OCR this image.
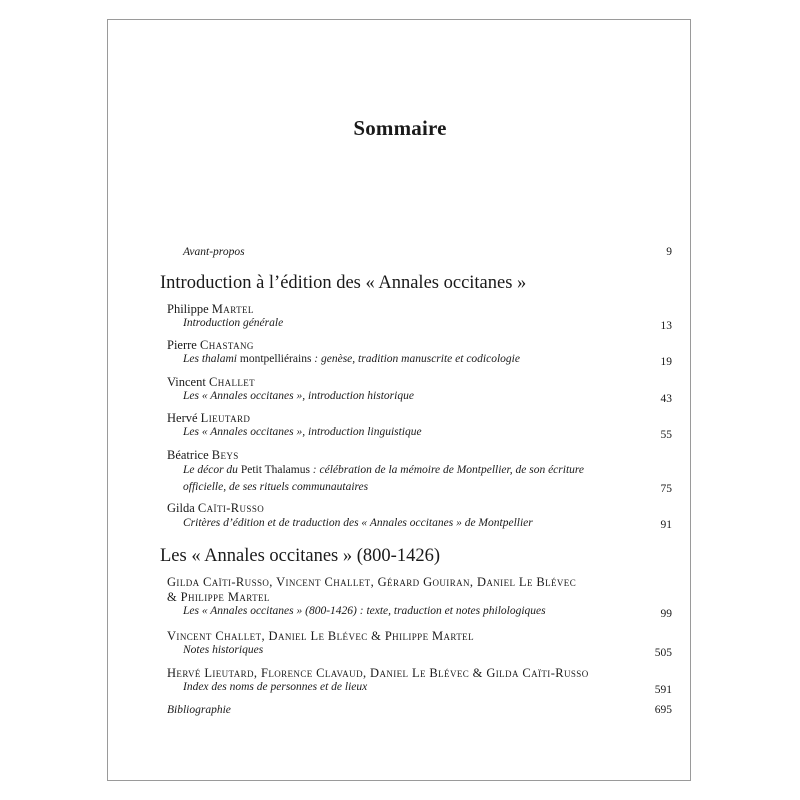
Sommaire
Avant-propos	9
Introduction à l’édition des « Annales occitanes »
Philippe Martel
Introduction générale	13
Pierre Chastang
Les thalami montpelliérains : genèse, tradition manuscrite et codicologie	19
Vincent Challet
Les « Annales occitanes », introduction historique	43
Hervé Lieutard
Les « Annales occitanes », introduction linguistique	55
Béatrice Beys
Le décor du Petit Thalamus : célébration de la mémoire de Montpellier, de son écriture
officielle, de ses rituels communautaires	75
Gilda Caïti-Russo
Critères d’édition et de traduction des « Annales occitanes » de Montpellier	91
Les « Annales occitanes » (800-1426)
Gilda Caïti-Russo, Vincent Challet, Gérard Gouiran, Daniel Le Blévec
& Philippe Martel
Les « Annales occitanes » (800-1426) : texte, traduction et notes philologiques	99
Vincent Challet, Daniel Le Blévec & Philippe Martel
Notes historiques	505
Hervé Lieutard, Florence Clavaud, Daniel Le Blévec & Gilda Caïti-Russo
Index des noms de personnes et de lieux	591
Bibliographie	695
